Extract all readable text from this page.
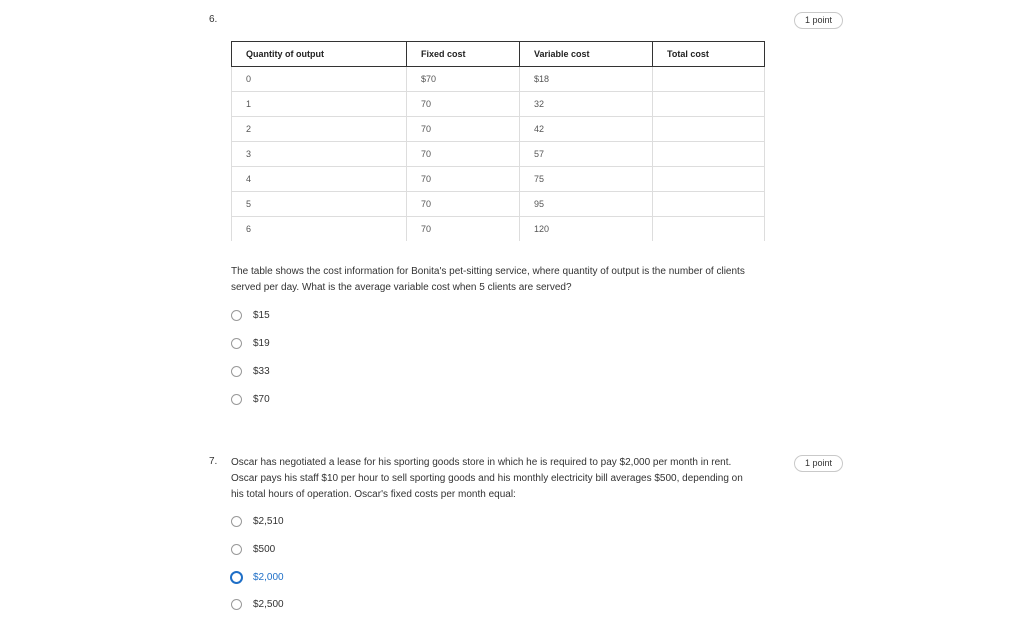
6.	1 point
Quantity of output	Fixed cost	Variable cost	Total cost
0	$70	$18	
1	70	32	
2	70	42	
3	70	57	
4	70	75	
5	70	95	
6	70	120	
The table shows the cost information for Bonita's pet-sitting service, where quantity of output is the number of clients served per day. What is the average variable cost when 5 clients are served?
$15
$19
$33
$70
7.	1 point
Oscar has negotiated a lease for his sporting goods store in which he is required to pay $2,000 per month in rent. Oscar pays his staff $10 per hour to sell sporting goods and his monthly electricity bill averages $500, depending on his total hours of operation. Oscar's fixed costs per month equal:
$2,510
$500
$2,000
$2,500
